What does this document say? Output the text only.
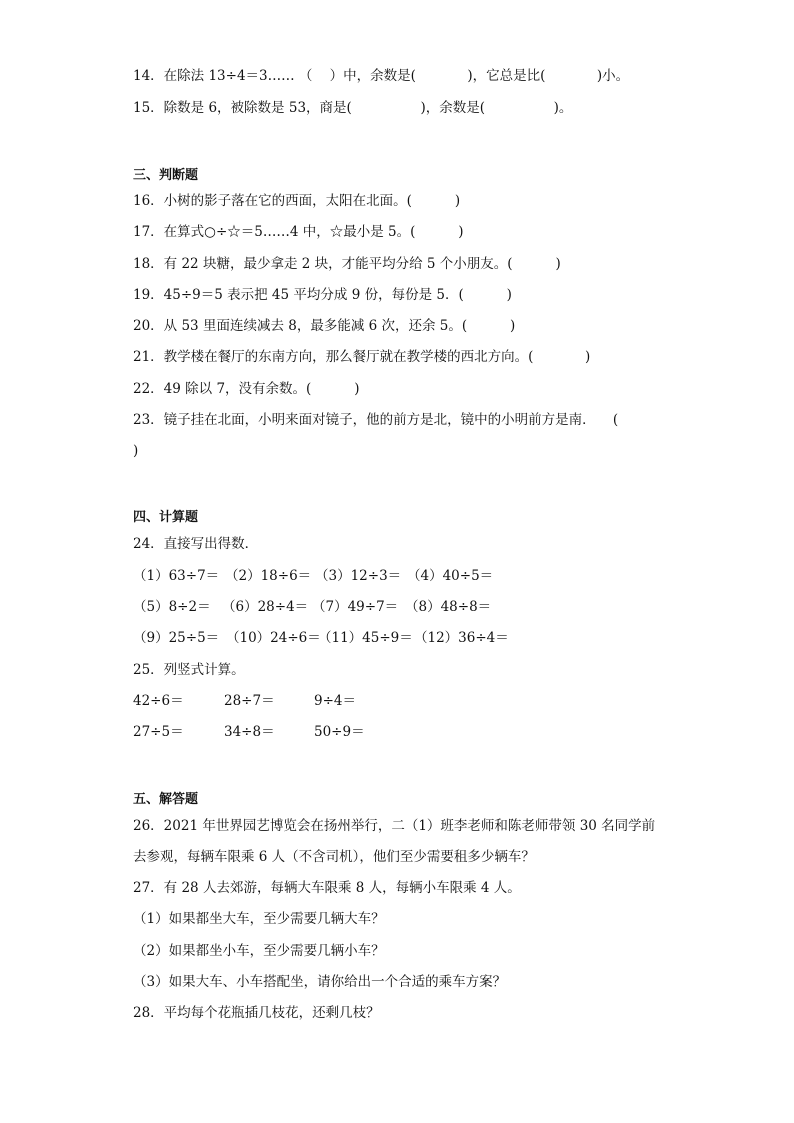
14．在除法 13÷4＝3…… （    ）中，余数是(            )，它总是比(            )小。
15．除数是 6，被除数是 53，商是(                )，余数是(                )。
三、判断题
16．小树的影子落在它的西面，太阳在北面。(          )
17．在算式○÷☆＝5……4 中，☆最小是 5。(          )
18．有 22 块糖，最少拿走 2 块，才能平均分给 5 个小朋友。(          )
19．45÷9＝5 表示把 45 平均分成 9 份，每份是 5．(          )
20．从 53 里面连续减去 8，最多能减 6 次，还余 5。(          )
21．教学楼在餐厅的东南方向，那么餐厅就在教学楼的西北方向。(            )
22．49 除以 7，没有余数。(          )
23．镜子挂在北面，小明来面对镜子，他的前方是北，镜中的小明前方是南．    (
)
四、计算题
24．直接写出得数．
（1）63÷7＝ （2）18÷6＝ （3）12÷3＝ （4）40÷5＝
（5）8÷2＝ （6）28÷4＝ （7）49÷7＝ （8）48÷8＝
（9）25÷5＝ （10）24÷6＝
（11）45÷9＝ （12）36÷4＝
25．列竖式计算。
42÷6＝	28÷7＝	9÷4＝
27÷5＝	34÷8＝	50÷9＝
五、解答题
26．2021 年世界园艺博览会在扬州举行，二（1）班李老师和陈老师带领 30 名同学前
去参观，每辆车限乘 6 人（不含司机），他们至少需要租多少辆车？
27．有 28 人去郊游，每辆大车限乘 8 人，每辆小车限乘 4 人。
（1）如果都坐大车，至少需要几辆大车？
（2）如果都坐小车，至少需要几辆小车？
（3）如果大车、小车搭配坐，请你给出一个合适的乘车方案？
28．平均每个花瓶插几枝花，还剩几枝？
